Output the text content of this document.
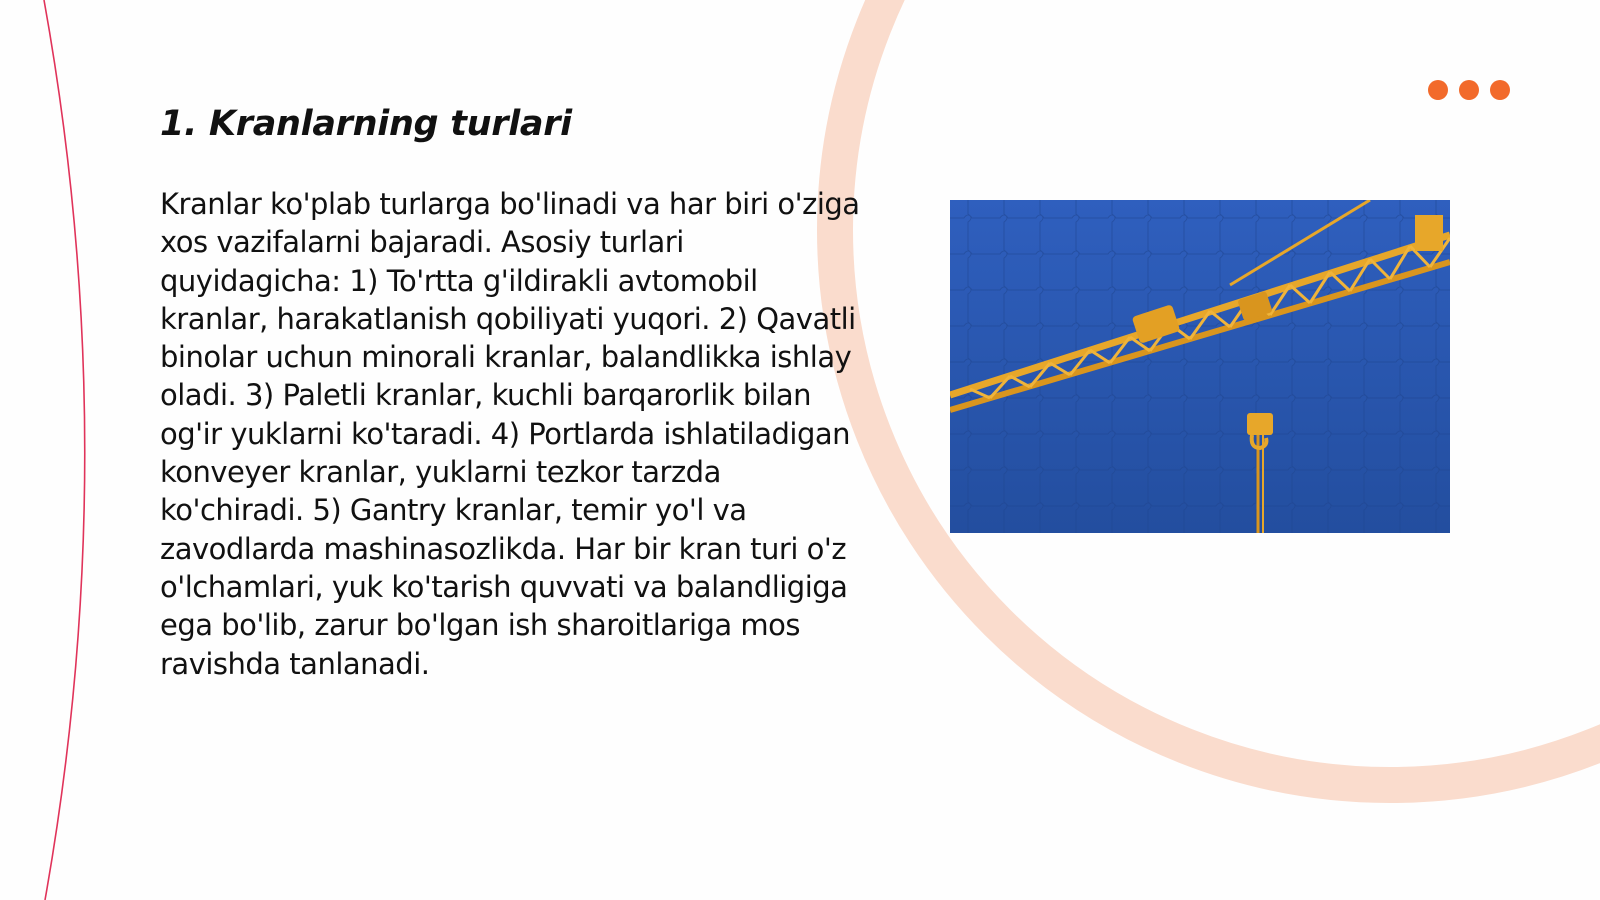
1. Kranlarning turlari

Kranlar ko'plab turlarga bo'linadi va har biri o'ziga xos vazifalarni bajaradi. Asosiy turlari quyidagicha: 1) To'rtta g'ildirakli avtomobil kranlar, harakatlanish qobiliyati yuqori. 2) Qavatli binolar uchun minorali kranlar, balandlikka ishlay oladi. 3) Paletli kranlar, kuchli barqarorlik bilan og'ir yuklarni ko'taradi. 4) Portlarda ishlatiladigan konveyer kranlar, yuklarni tezkor tarzda ko'chiradi. 5) Gantry kranlar, temir yo'l va zavodlarda mashinasozlikda. Har bir kran turi o'z o'lchamlari, yuk ko'tarish quvvati va balandligiga ega bo'lib, zarur bo'lgan ish sharoitlariga mos ravishda tanlanadi.
